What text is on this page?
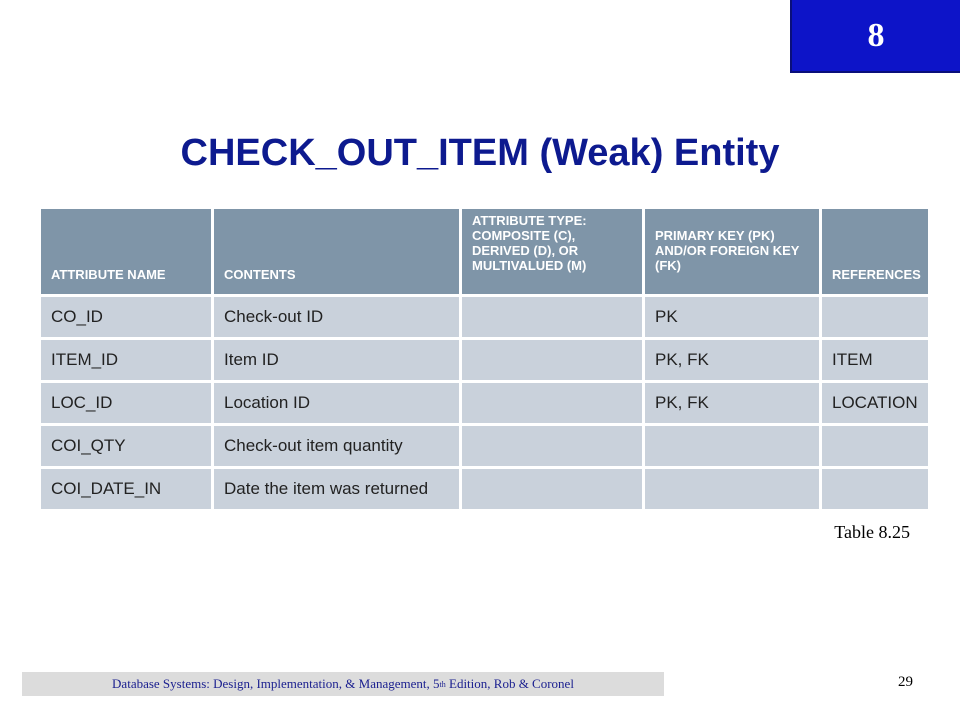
8
CHECK_OUT_ITEM (Weak) Entity
ATTRIBUTE NAME	CONTENTS	ATTRIBUTE TYPE: COMPOSITE (C), DERIVED (D), OR MULTIVALUED (M)	PRIMARY KEY (PK) AND/OR FOREIGN KEY (FK)	REFERENCES
CO_ID	Check-out ID		PK	
ITEM_ID	Item ID		PK, FK	ITEM
LOC_ID	Location ID		PK, FK	LOCATION
COI_QTY	Check-out item quantity			
COI_DATE_IN	Date the item was returned			
Table 8.25
Database Systems: Design, Implementation, & Management, 5 th Edition, Rob & Coronel	29
